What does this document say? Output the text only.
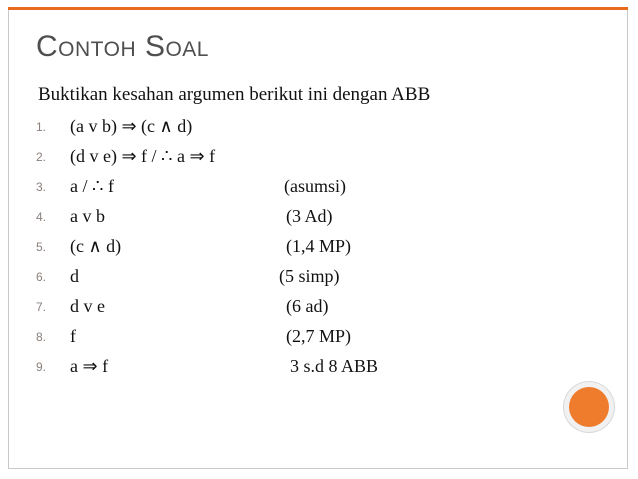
Contoh Soal
Buktikan kesahan argumen berikut ini dengan ABB
1. (a v b) ⇒ (c ∧ d)
2. (d v e) ⇒ f / ∴ a ⇒ f
3. a / ∴ f	(asumsi)
4. a v b	(3 Ad)
5. (c ∧ d)	(1,4 MP)
6. d	(5 simp)
7. d v e	(6 ad)
8. f	(2,7 MP)
9. a ⇒ f	3 s.d 8 ABB
